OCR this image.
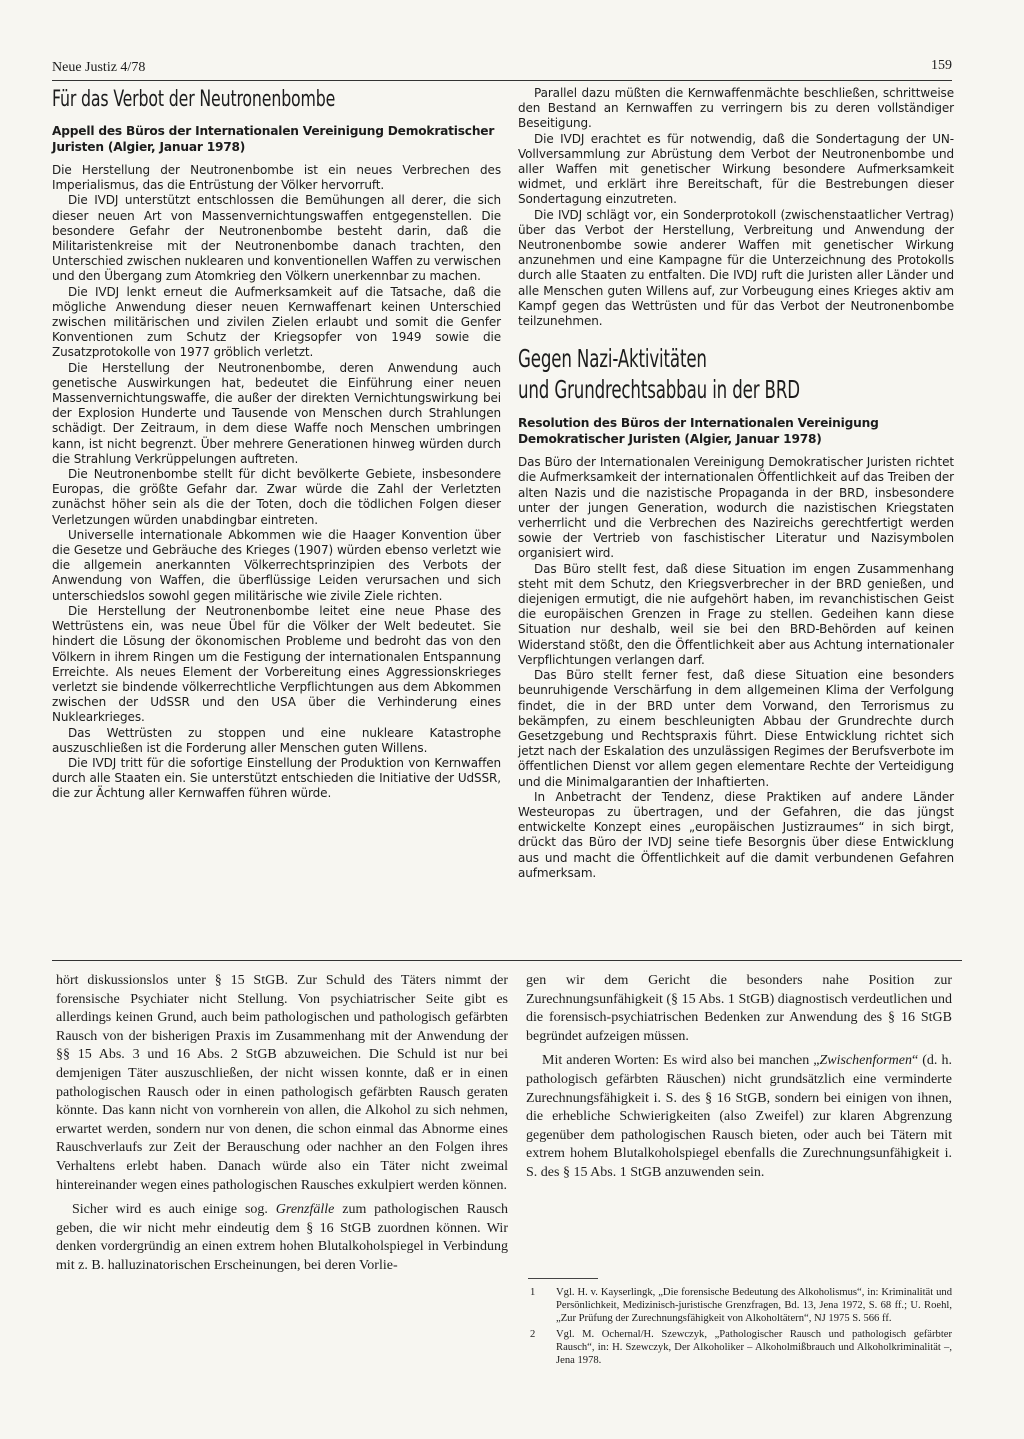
Neue Justiz 4/78	159
Für das Verbot der Neutronenbombe
Appell des Büros der Internationalen Vereinigung Demokratischer Juristen (Algier, Januar 1978)

Die Herstellung der Neutronenbombe ist ein neues Verbrechen des Imperialismus, das die Entrüstung der Völker hervorruft.

Die IVDJ unterstützt entschlossen die Bemühungen all derer, die sich dieser neuen Art von Massenvernichtungswaffen entgegenstellen. Die besondere Gefahr der Neutronenbombe besteht darin, daß die Militaristenkreise mit der Neutronenbombe danach trachten, den Unterschied zwischen nuklearen und konventionellen Waffen zu verwischen und den Übergang zum Atomkrieg den Völkern unerkennbar zu machen.

Die IVDJ lenkt erneut die Aufmerksamkeit auf die Tatsache, daß die mögliche Anwendung dieser neuen Kernwaffenart keinen Unterschied zwischen militärischen und zivilen Zielen erlaubt und somit die Genfer Konventionen zum Schutz der Kriegsopfer von 1949 sowie die Zusatzprotokolle von 1977 gröblich verletzt.

Die Herstellung der Neutronenbombe, deren Anwendung auch genetische Auswirkungen hat, bedeutet die Einführung einer neuen Massenvernichtungswaffe, die außer der direkten Vernichtungswirkung bei der Explosion Hunderte und Tausende von Menschen durch Strahlungen schädigt. Der Zeitraum, in dem diese Waffe noch Menschen umbringen kann, ist nicht begrenzt. Über mehrere Generationen hinweg würden durch die Strahlung Verkrüppelungen auftreten.

Die Neutronenbombe stellt für dicht bevölkerte Gebiete, insbesondere Europas, die größte Gefahr dar. Zwar würde die Zahl der Verletzten zunächst höher sein als die der Toten, doch die tödlichen Folgen dieser Verletzungen würden unabdingbar eintreten.

Universelle internationale Abkommen wie die Haager Konvention über die Gesetze und Gebräuche des Krieges (1907) würden ebenso verletzt wie die allgemein anerkannten Völkerrechtsprinzipien des Verbots der Anwendung von Waffen, die überflüssige Leiden verursachen und sich unterschiedslos sowohl gegen militärische wie zivile Ziele richten.

Die Herstellung der Neutronenbombe leitet eine neue Phase des Wettrüstens ein, was neue Übel für die Völker der Welt bedeutet. Sie hindert die Lösung der ökonomischen Probleme und bedroht das von den Völkern in ihrem Ringen um die Festigung der internationalen Entspannung Erreichte. Als neues Element der Vorbereitung eines Aggressionskrieges verletzt sie bindende völkerrechtliche Verpflichtungen aus dem Abkommen zwischen der UdSSR und den USA über die Verhinderung eines Nuklearkrieges.

Das Wettrüsten zu stoppen und eine nukleare Katastrophe auszuschließen ist die Forderung aller Menschen guten Willens.

Die IVDJ tritt für die sofortige Einstellung der Produktion von Kernwaffen durch alle Staaten ein. Sie unterstützt entschieden die Initiative der UdSSR, die zur Ächtung aller Kernwaffen führen würde.

Parallel dazu müßten die Kernwaffenmächte beschließen, schrittweise den Bestand an Kernwaffen zu verringern bis zu deren vollständiger Beseitigung.

Die IVDJ erachtet es für notwendig, daß die Sondertagung der UN-Vollversammlung zur Abrüstung dem Verbot der Neutronenbombe und aller Waffen mit genetischer Wirkung besondere Aufmerksamkeit widmet, und erklärt ihre Bereitschaft, für die Bestrebungen dieser Sondertagung einzutreten.

Die IVDJ schlägt vor, ein Sonderprotokoll (zwischenstaatlicher Vertrag) über das Verbot der Herstellung, Verbreitung und Anwendung der Neutronenbombe sowie anderer Waffen mit genetischer Wirkung anzunehmen und eine Kampagne für die Unterzeichnung des Protokolls durch alle Staaten zu entfalten. Die IVDJ ruft die Juristen aller Länder und alle Menschen guten Willens auf, zur Vorbeugung eines Krieges aktiv am Kampf gegen das Wettrüsten und für das Verbot der Neutronenbombe teilzunehmen.

Gegen Nazi-Aktivitäten
und Grundrechtsabbau in der BRD
Resolution des Büros der Internationalen Vereinigung Demokratischer Juristen (Algier, Januar 1978)

Das Büro der Internationalen Vereinigung Demokratischer Juristen richtet die Aufmerksamkeit der internationalen Öffentlichkeit auf das Treiben der alten Nazis und die nazistische Propaganda in der BRD, insbesondere unter der jungen Generation, wodurch die nazistischen Kriegstaten verherrlicht und die Verbrechen des Nazireichs gerechtfertigt werden sowie der Vertrieb von faschistischer Literatur und Nazisymbolen organisiert wird.

Das Büro stellt fest, daß diese Situation im engen Zusammenhang steht mit dem Schutz, den Kriegsverbrecher in der BRD genießen, und diejenigen ermutigt, die nie aufgehört haben, im revanchistischen Geist die europäischen Grenzen in Frage zu stellen. Gedeihen kann diese Situation nur deshalb, weil sie bei den BRD-Behörden auf keinen Widerstand stößt, den die Öffentlichkeit aber aus Achtung internationaler Verpflichtungen verlangen darf.

Das Büro stellt ferner fest, daß diese Situation eine besonders beunruhigende Verschärfung in dem allgemeinen Klima der Verfolgung findet, die in der BRD unter dem Vorwand, den Terrorismus zu bekämpfen, zu einem beschleunigten Abbau der Grundrechte durch Gesetzgebung und Rechtspraxis führt. Diese Entwicklung richtet sich jetzt nach der Eskalation des unzulässigen Regimes der Berufsverbote im öffentlichen Dienst vor allem gegen elementare Rechte der Verteidigung und die Minimalgarantien der Inhaftierten.

In Anbetracht der Tendenz, diese Praktiken auf andere Länder Westeuropas zu übertragen, und der Gefahren, die das jüngst entwickelte Konzept eines „europäischen Justizraumes“ in sich birgt, drückt das Büro der IVDJ seine tiefe Besorgnis über diese Entwicklung aus und macht die Öffentlichkeit auf die damit verbundenen Gefahren aufmerksam.

hört diskussionslos unter § 15 StGB. Zur Schuld des Täters nimmt der forensische Psychiater nicht Stellung. Von psychiatrischer Seite gibt es allerdings keinen Grund, auch beim pathologischen und pathologisch gefärbten Rausch von der bisherigen Praxis im Zusammenhang mit der Anwendung der §§ 15 Abs. 3 und 16 Abs. 2 StGB abzuweichen. Die Schuld ist nur bei demjenigen Täter auszuschließen, der nicht wissen konnte, daß er in einen pathologischen Rausch oder in einen pathologisch gefärbten Rausch geraten könnte. Das kann nicht von vornherein von allen, die Alkohol zu sich nehmen, erwartet werden, sondern nur von denen, die schon einmal das Abnorme eines Rauschverlaufs zur Zeit der Berauschung oder nachher an den Folgen ihres Verhaltens erlebt haben. Danach würde also ein Täter nicht zweimal hintereinander wegen eines pathologischen Rausches exkulpiert werden können.

Sicher wird es auch einige sog. Grenzfälle zum pathologischen Rausch geben, die wir nicht mehr eindeutig dem § 16 StGB zuordnen können. Wir denken vordergründig an einen extrem hohen Blutalkoholspiegel in Verbindung mit z. B. halluzinatorischen Erscheinungen, bei deren Vorlie-

gen wir dem Gericht die besonders nahe Position zur Zurechnungsunfähigkeit (§ 15 Abs. 1 StGB) diagnostisch verdeutlichen und die forensisch-psychiatrischen Bedenken zur Anwendung des § 16 StGB begründet aufzeigen müssen.

Mit anderen Worten: Es wird also bei manchen „Zwischenformen“ (d. h. pathologisch gefärbten Räuschen) nicht grundsätzlich eine verminderte Zurechnungsfähigkeit i. S. des § 16 StGB, sondern bei einigen von ihnen, die erhebliche Schwierigkeiten (also Zweifel) zur klaren Abgrenzung gegenüber dem pathologischen Rausch bieten, oder auch bei Tätern mit extrem hohem Blutalkoholspiegel ebenfalls die Zurechnungsunfähigkeit i. S. des § 15 Abs. 1 StGB anzuwenden sein.

1	Vgl. H. v. Kayserlingk, „Die forensische Bedeutung des Alkoholismus“, in: Kriminalität und Persönlichkeit, Medizinisch-juristische Grenzfragen, Bd. 13, Jena 1972, S. 68 ff.; U. Roehl, „Zur Prüfung der Zurechnungsfähigkeit von Alkoholtätern“, NJ 1975 S. 566 ff.
2	Vgl. M. Ochernal/H. Szewczyk, „Pathologischer Rausch und pathologisch gefärbter Rausch“, in: H. Szewczyk, Der Alkoholiker – Alkoholmißbrauch und Alkoholkriminalität –, Jena 1978.
